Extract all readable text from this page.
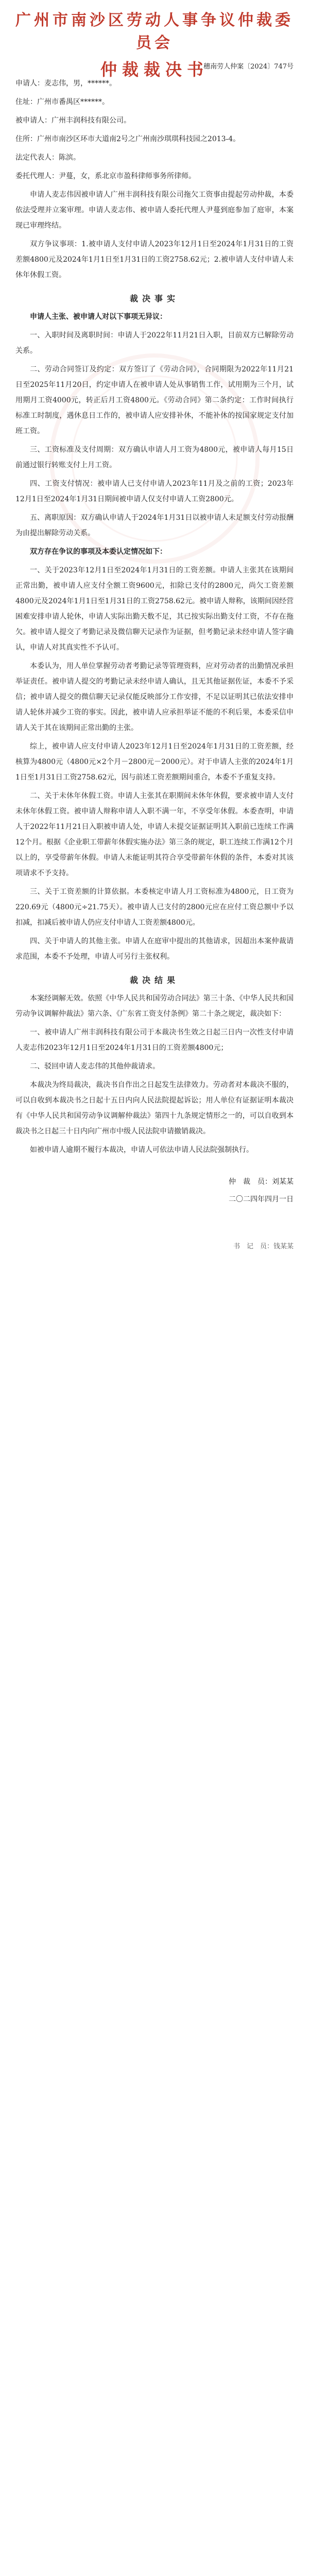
广州市南沙区劳动人事争议仲裁委员会
仲裁裁决书
穗南劳人仲案〔2024〕747号

申请人：麦志伟，男，******。

住址：广州市番禺区******。

被申请人：广州丰润科技有限公司。

住所：广州市南沙区环市大道南2号之广州南沙琪琪科技园之2013-4。

法定代表人：陈滨。

委托代理人：尹蔓，女，系北京市盈科律师事务所律师。

申请人麦志伟因被申请人广州丰润科技有限公司拖欠工资事由提起劳动仲裁，本委依法受理并立案审理。申请人麦志伟、被申请人委托代理人尹蔓到庭参加了庭审，本案现已审理终结。

双方争议事项：1.被申请人支付申请人2023年12月1日至2024年1月31日的工资差额4800元及2024年1月1日至1月31日的工资2758.62元；2.被申请人支付申请人未休年休假工资。

裁决事实

申请人主张、被申请人对以下事项无异议：

一、入职时间及离职时间：申请人于2022年11月21日入职，目前双方已解除劳动关系。

二、劳动合同签订及约定：双方签订了《劳动合同》，合同期限为2022年11月21日至2025年11月20日，约定申请人在被申请人处从事销售工作，试用期为三个月，试用期月工资4000元，转正后月工资4800元。《劳动合同》第二条约定：工作时间执行标准工时制度，遇休息日工作的，被申请人应安排补休，不能补休的按国家规定支付加班工资。

三、工资标准及支付周期：双方确认申请人月工资为4800元，被申请人每月15日前通过银行转账支付上月工资。

四、工资支付情况：被申请人已支付申请人2023年11月及之前的工资；2023年12月1日至2024年1月31日期间被申请人仅支付申请人工资2800元。

五、离职原因：双方确认申请人于2024年1月31日以被申请人未足额支付劳动报酬为由提出解除劳动关系。

双方存在争议的事项及本委认定情况如下：

一、关于2023年12月1日至2024年1月31日的工资差额。申请人主张其在该期间正常出勤，被申请人应支付全额工资9600元，扣除已支付的2800元，尚欠工资差额4800元及2024年1月1日至1月31日的工资2758.62元。被申请人辩称，该期间因经营困难安排申请人轮休，申请人实际出勤天数不足，其已按实际出勤支付工资，不存在拖欠。被申请人提交了考勤记录及微信聊天记录作为证据，但考勤记录未经申请人签字确认，申请人对其真实性不予认可。

本委认为，用人单位掌握劳动者考勤记录等管理资料，应对劳动者的出勤情况承担举证责任。被申请人提交的考勤记录未经申请人确认，且无其他证据佐证，本委不予采信；被申请人提交的微信聊天记录仅能反映部分工作安排，不足以证明其已依法安排申请人轮休并减少工资的事实。因此，被申请人应承担举证不能的不利后果，本委采信申请人关于其在该期间正常出勤的主张。

综上，被申请人应支付申请人2023年12月1日至2024年1月31日的工资差额，经核算为4800元（4800元×2个月－2800元－2000元）。对于申请人主张的2024年1月1日至1月31日工资2758.62元，因与前述工资差额期间重合，本委不予重复支持。

二、关于未休年休假工资。申请人主张其在职期间未休年休假，要求被申请人支付未休年休假工资。被申请人辩称申请人入职不满一年，不享受年休假。本委查明，申请人于2022年11月21日入职被申请人处，申请人未提交证据证明其入职前已连续工作满12个月。根据《企业职工带薪年休假实施办法》第三条的规定，职工连续工作满12个月以上的，享受带薪年休假。申请人未能证明其符合享受带薪年休假的条件，本委对其该项请求不予支持。

三、关于工资差额的计算依据。本委核定申请人月工资标准为4800元，日工资为220.69元（4800元÷21.75天）。被申请人已支付的2800元应在应付工资总额中予以扣减，扣减后被申请人仍应支付申请人工资差额4800元。

四、关于申请人的其他主张。申请人在庭审中提出的其他请求，因超出本案仲裁请求范围，本委不予处理，申请人可另行主张权利。

裁决结果

本案经调解无效。依照《中华人民共和国劳动合同法》第三十条、《中华人民共和国劳动争议调解仲裁法》第六条、《广东省工资支付条例》第二十条之规定，裁决如下：

一、被申请人广州丰润科技有限公司于本裁决书生效之日起三日内一次性支付申请人麦志伟2023年12月1日至2024年1月31日的工资差额4800元；

二、驳回申请人麦志伟的其他仲裁请求。

本裁决为终局裁决，裁决书自作出之日起发生法律效力。劳动者对本裁决不服的，可以自收到本裁决书之日起十五日内向人民法院提起诉讼；用人单位有证据证明本裁决有《中华人民共和国劳动争议调解仲裁法》第四十九条规定情形之一的，可以自收到本裁决书之日起三十日内向广州市中级人民法院申请撤销裁决。

如被申请人逾期不履行本裁决，申请人可依法申请人民法院强制执行。

仲　裁　员：刘某某
二〇二四年四月一日
书　记　员：钱某某
